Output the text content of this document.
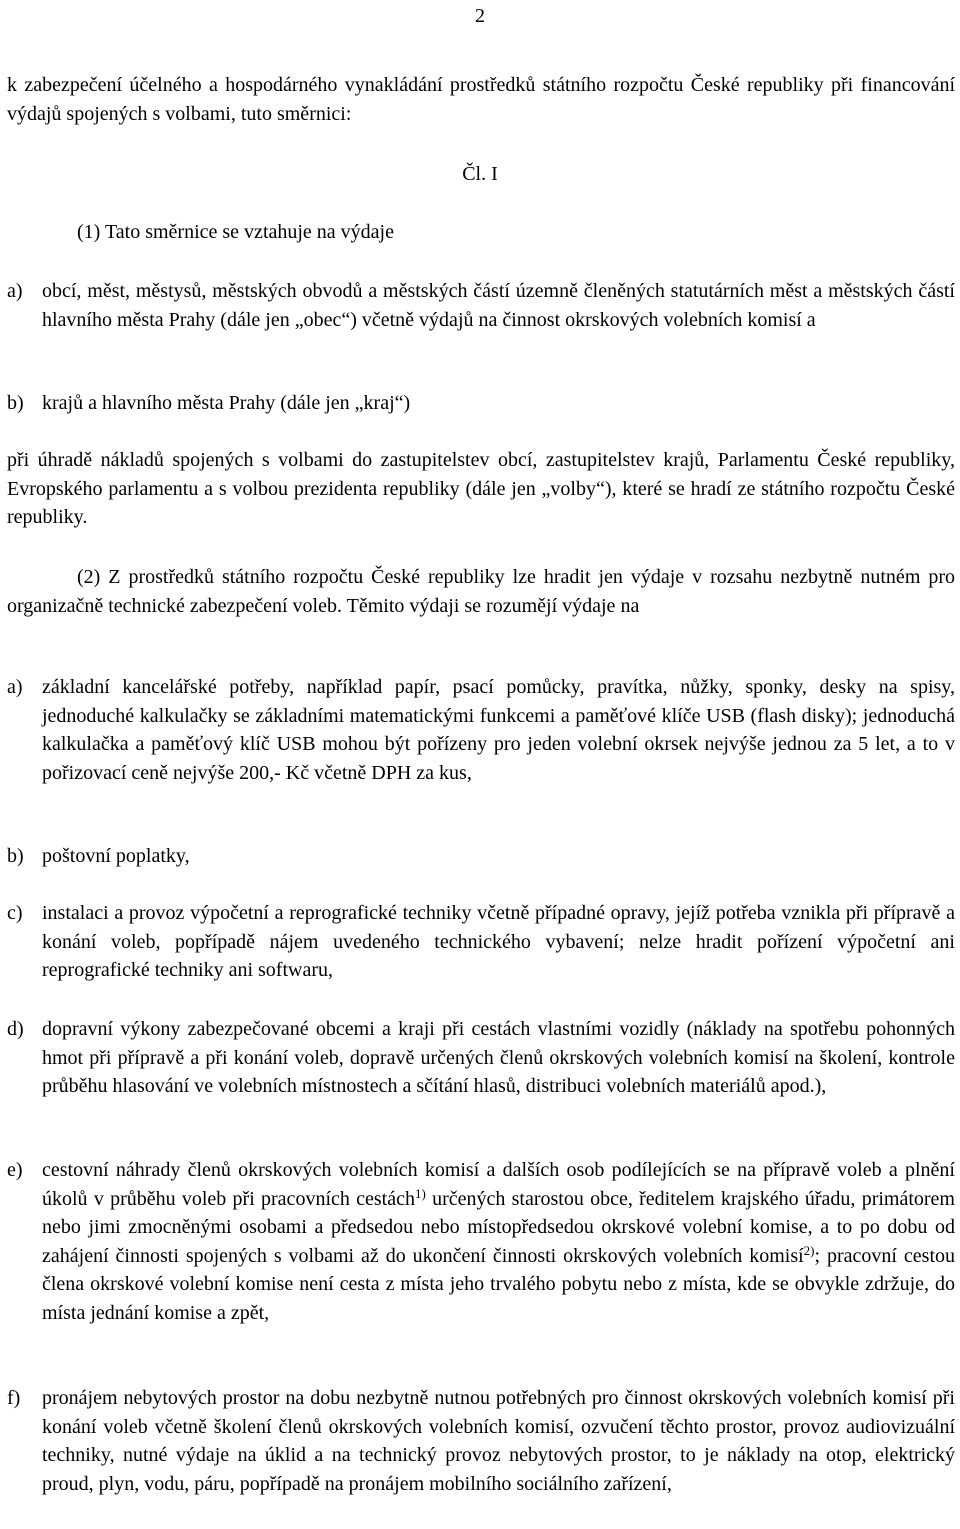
2
k zabezpečení účelného a hospodárného vynakládání prostředků státního rozpočtu České republiky při financování výdajů spojených s volbami, tuto směrnici:
Čl. I
(1) Tato směrnice se vztahuje na výdaje
a) obcí, měst, městysů, městských obvodů a městských částí územně členěných statutárních měst a městských částí hlavního města Prahy (dále jen „obec“) včetně výdajů na činnost okrskových volebních komisí a
b) krajů a hlavního města Prahy (dále jen „kraj“)
při úhradě nákladů spojených s volbami do zastupitelstev obcí, zastupitelstev krajů, Parlamentu České republiky, Evropského parlamentu a s volbou prezidenta republiky (dále jen „volby“), které se hradí ze státního rozpočtu České republiky.
(2) Z prostředků státního rozpočtu České republiky lze hradit jen výdaje v rozsahu nezbytně nutném pro organizačně technické zabezpečení voleb. Těmito výdaji se rozumějí výdaje na
a) základní kancelářské potřeby, například papír, psací pomůcky, pravítka, nůžky, sponky, desky na spisy, jednoduché kalkulačky se základními matematickými funkcemi a paměťové klíče USB (flash disky); jednoduchá kalkulačka a paměťový klíč USB mohou být pořízeny pro jeden volební okrsek nejvýše jednou za 5 let, a to v pořizovací ceně nejvýše 200,- Kč včetně DPH za kus,
b) poštovní poplatky,
c) instalaci a provoz výpočetní a reprografické techniky včetně případné opravy, jejíž potřeba vznikla při přípravě a konání voleb, popřípadě nájem uvedeného technického vybavení; nelze hradit pořízení výpočetní ani reprografické techniky ani softwaru,
d) dopravní výkony zabezpečované obcemi a kraji při cestách vlastními vozidly (náklady na spotřebu pohonných hmot při přípravě a při konání voleb, dopravě určených členů okrskových volebních komisí na školení, kontrole průběhu hlasování ve volebních místnostech a sčítání hlasů, distribuci volebních materiálů apod.),
e) cestovní náhrady členů okrskových volebních komisí a dalších osob podílejících se na přípravě voleb a plnění úkolů v průběhu voleb při pracovních cestách$^{1)}$ určených starostou obce, ředitelem krajského úřadu, primátorem nebo jimi zmocněnými osobami a předsedou nebo místopředsedou okrskové volební komise, a to po dobu od zahájení činnosti spojených s volbami až do ukončení činnosti okrskových volebních komisí$^{2)}$; pracovní cestou člena okrskové volební komise není cesta z místa jeho trvalého pobytu nebo z místa, kde se obvykle zdržuje, do místa jednání komise a zpět,
f)	pronájem nebytových prostor na dobu nezbytně nutnou potřebných pro činnost okrskových volebních komisí při konání voleb včetně školení členů okrskových volebních komisí, ozvučení těchto prostor, provoz audiovizuální techniky, nutné výdaje na úklid a na technický provoz nebytových prostor, to je náklady na otop, elektrický proud, plyn, vodu, páru, popřípadě na pronájem mobilního sociálního zařízení,
